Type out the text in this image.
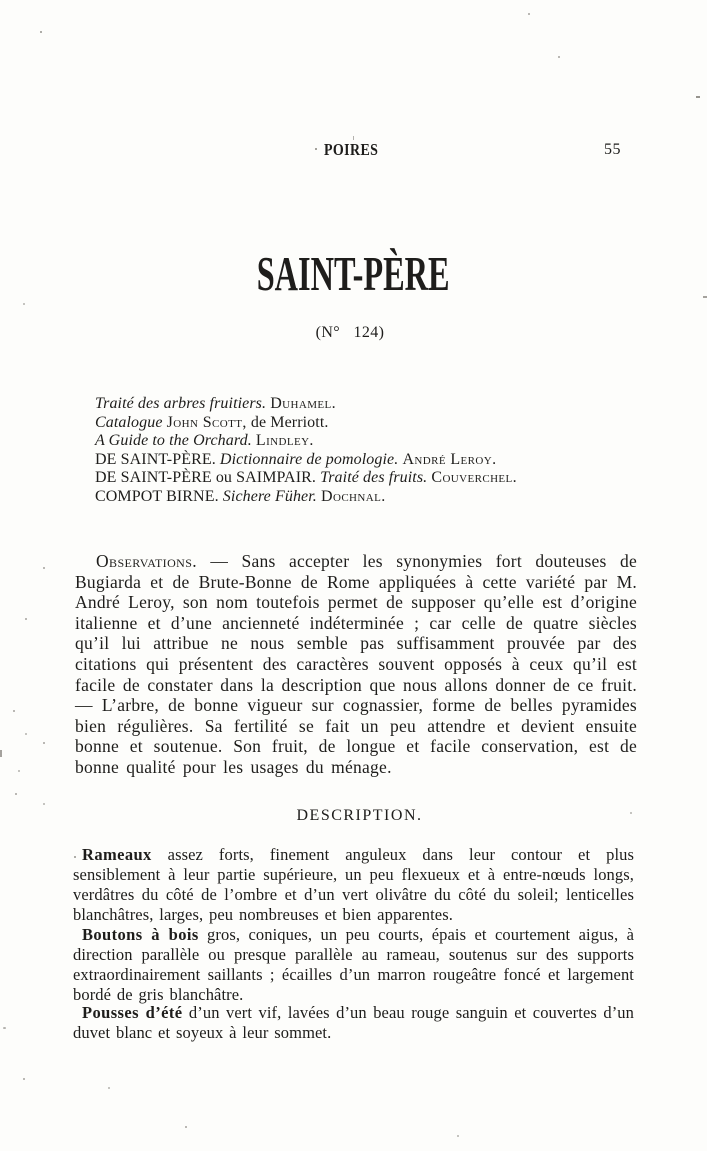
POIRES	55
SAINT-PÈRE
(N° 124)
Traité des arbres fruitiers. Duhamel.
Catalogue John Scott, de Merriott.
A Guide to the Orchard. Lindley.
DE SAINT-PÈRE. Dictionnaire de pomologie. André Leroy.
DE SAINT-PÈRE ou SAIMPAIR. Traité des fruits. Couverchel.
COMPOT BIRNE. Sichere Füher. Dochnal.

Observations. — Sans accepter les synonymies fort douteuses de Bugiarda et de Brute-Bonne de Rome appliquées à cette variété par M. André Leroy, son nom toutefois permet de supposer qu’elle est d’origine italienne et d’une ancienneté indéterminée ; car celle de quatre siècles qu’il lui attribue ne nous semble pas suffisamment prouvée par des citations qui présentent des caractères souvent opposés à ceux qu’il est facile de constater dans la description que nous allons donner de ce fruit. — L’arbre, de bonne vigueur sur cognassier, forme de belles pyramides bien régulières. Sa fertilité se fait un peu attendre et devient ensuite bonne et soutenue. Son fruit, de longue et facile conservation, est de bonne qualité pour les usages du ménage.

DESCRIPTION.

Rameaux assez forts, finement anguleux dans leur contour et plus sensiblement à leur partie supérieure, un peu flexueux et à entre-nœuds longs, verdâtres du côté de l’ombre et d’un vert olivâtre du côté du soleil; lenticelles blanchâtres, larges, peu nombreuses et bien apparentes.

Boutons à bois gros, coniques, un peu courts, épais et courtement aigus, à direction parallèle ou presque parallèle au rameau, soutenus sur des supports extraordinairement saillants ; écailles d’un marron rougeâtre foncé et largement bordé de gris blanchâtre.

Pousses d’été d’un vert vif, lavées d’un beau rouge sanguin et couvertes d’un duvet blanc et soyeux à leur sommet.
